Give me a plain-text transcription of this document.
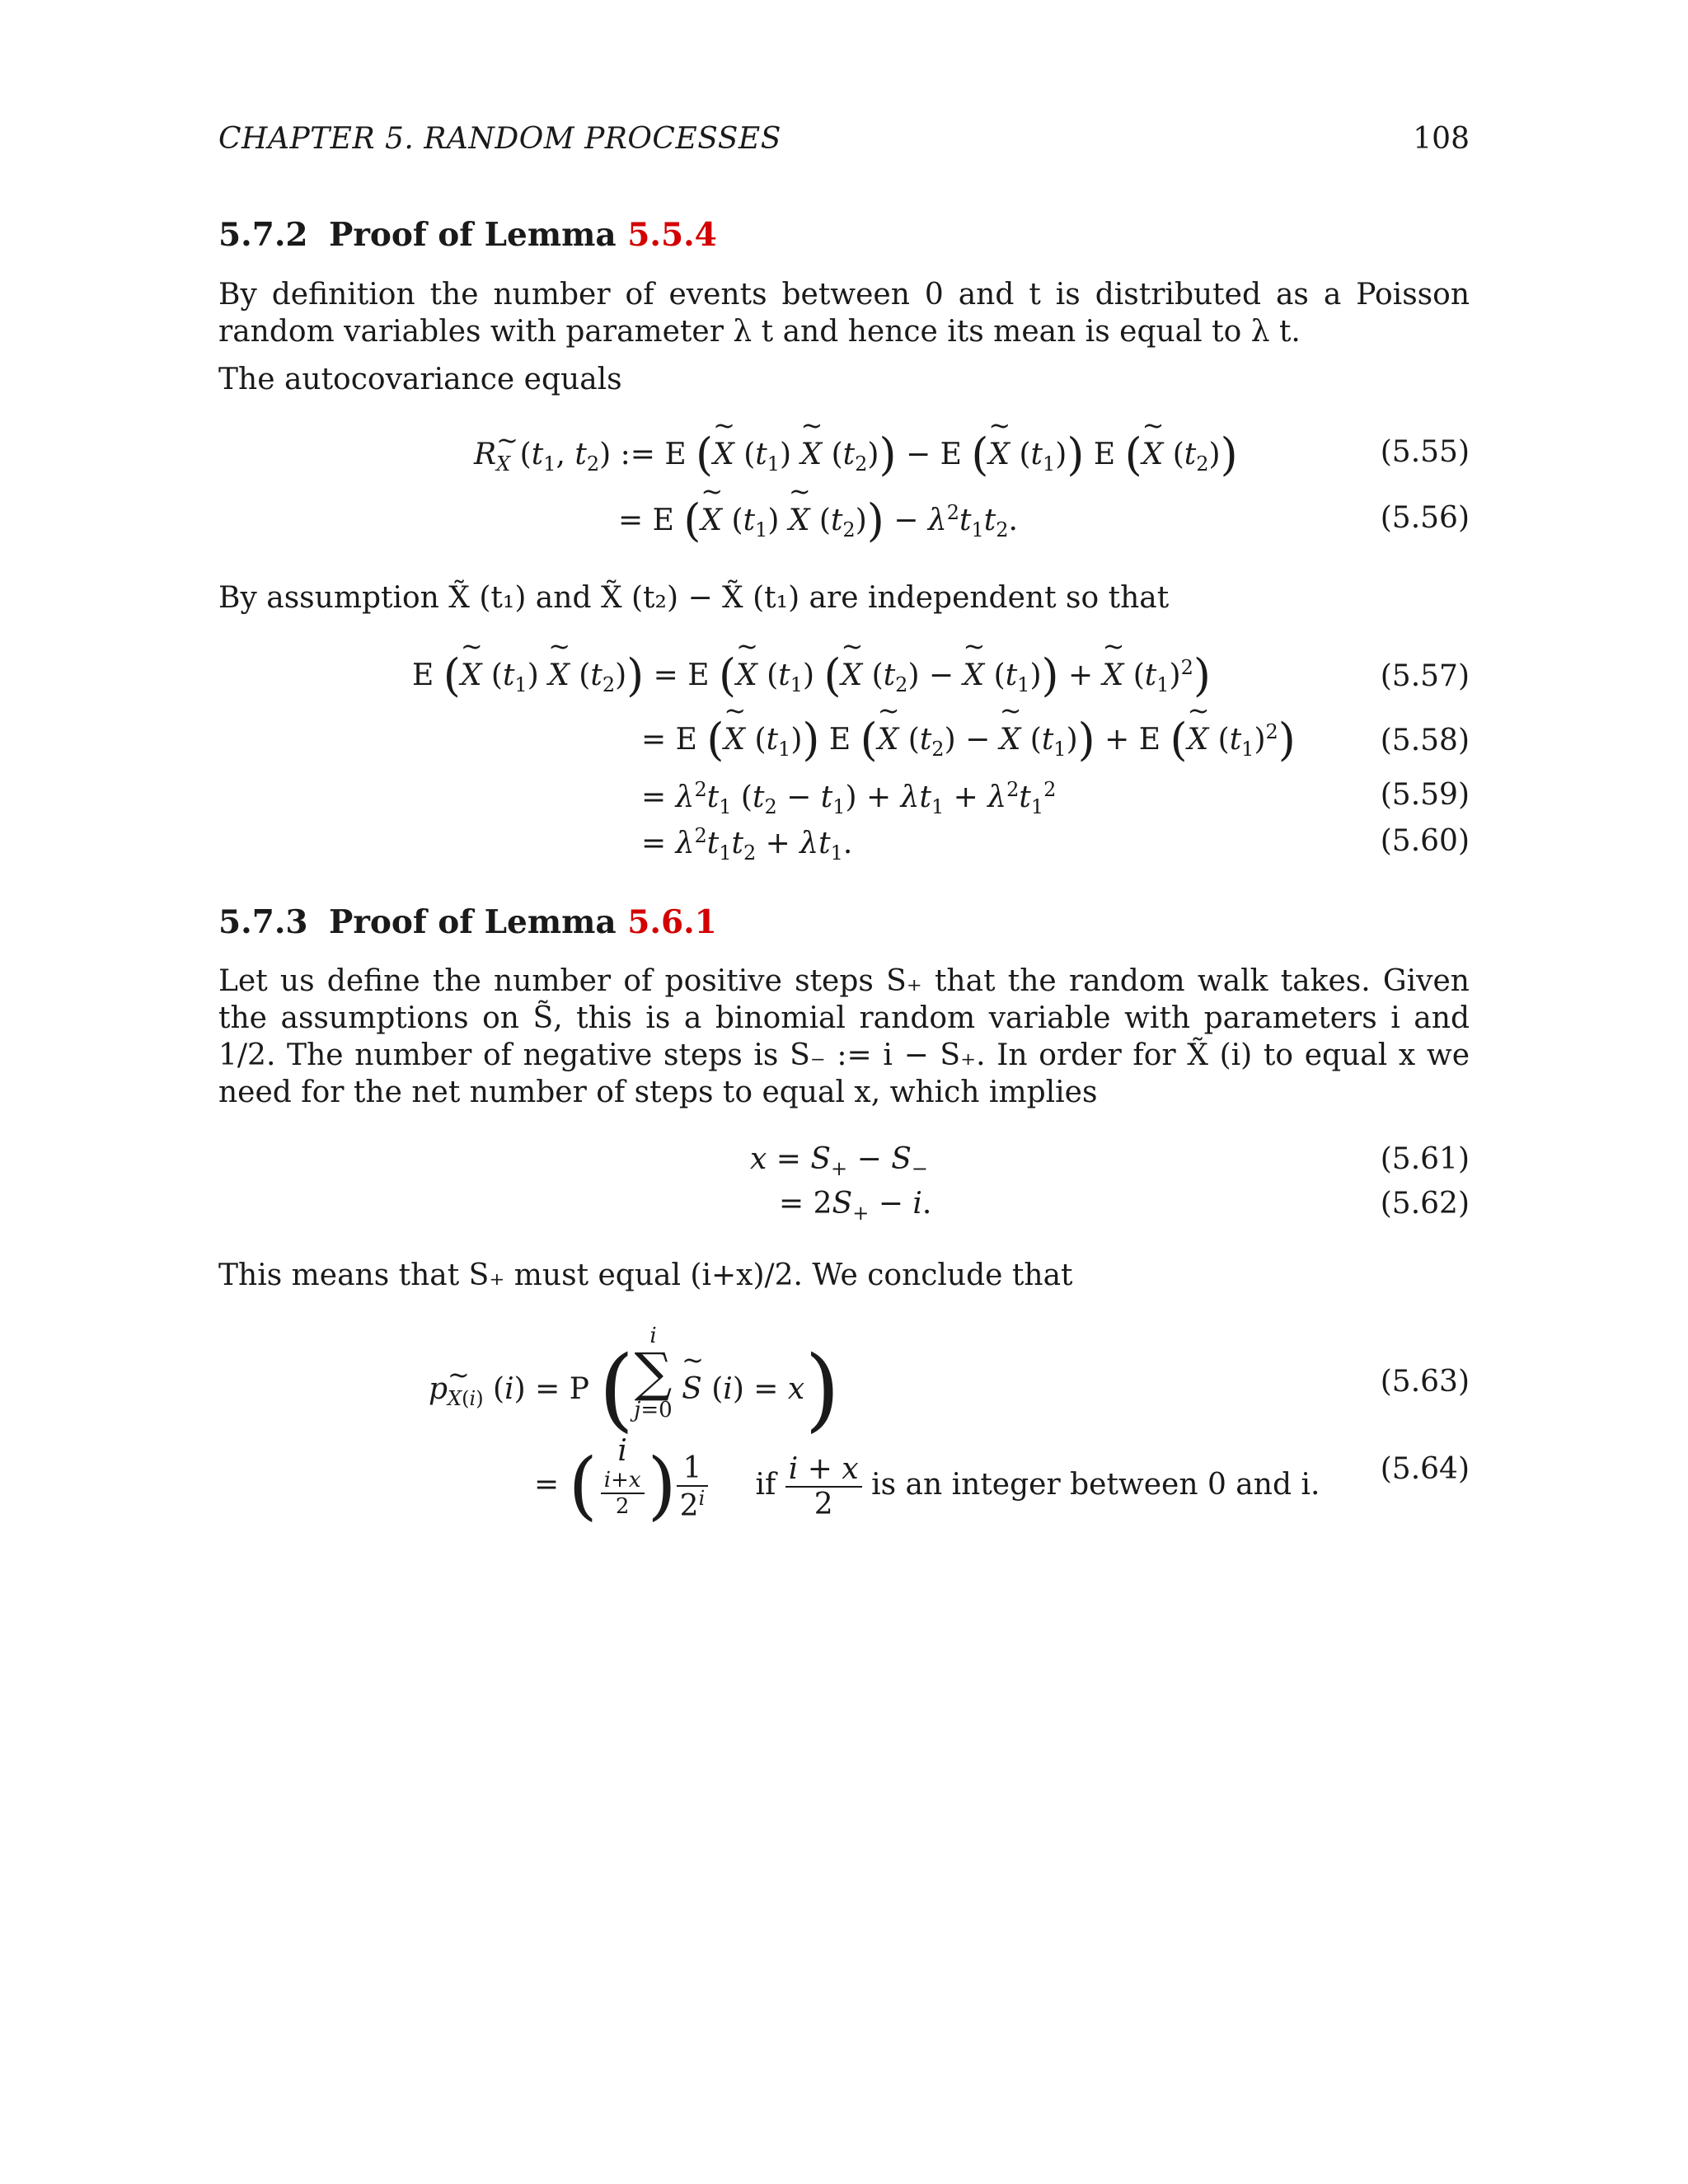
CHAPTER 5. RANDOM PROCESSES	108
5.7.2 Proof of Lemma 5.5.4

By definition the number of events between 0 and t is distributed as a Poisson random variables with parameter λ t and hence its mean is equal to λ t.

The autocovariance equals

R~ $_X$ ($t_1$, $t_2$) := E (~ X $(t_1)$ ~ X $(t_2)) - E$ (~ X $(t_1)$) E (~ X $(t_2)$)	(5.55)
= E (~ X $(t_1)$ ~ X $(t_2)) - \lambda^2t_1t_2$.	(5.56)

By assumption X̃ (t₁) and X̃ (t₂) − X̃ (t₁) are independent so that

E (~ X $(t_1)$ ~ X $(t_2)) = E$ (~ X $(t_1)$ (~ X $(t_2)$ − ~ X $(t_1)$) + ~ X $(t_1)^2$)	(5.57)
= E (~ X $(t_1)$) E (~ X $(t_2)$ − ~ X $(t_1)) + E$ (~ X $(t_1)^2$)	(5.58)
= $\lambda^2t_1$ $(t_2 - t_1) + \lambda t_1 + \lambda^2t_1^2$	(5.59)
= $\lambda^2t_1t_2 + \lambda t_1$.	(5.60)
5.7.3 Proof of Lemma 5.6.1

Let us define the number of positive steps S₊ that the random walk takes. Given the assumptions on S̃, this is a binomial random variable with parameters i and 1/2. The number of negative steps is S₋ := i − S₊. In order for X̃ (i) to equal x we need for the net number of steps to equal x, which implies

$x = S_+ - S_-$	(5.61)
= $2S_+ - i$.	(5.62)

This means that S₊ must equal (i+x)/2. We conclude that

p~ $_{X(i)}$ (i) = P ( i
∑
j=0
~ S (i) = x)	(5.63)
= ( i
$\frac{i+x}{2}$ ) $\frac{1}{2^i}$ if $\frac{i + x}{2}$ is an integer between 0 and i. (5.64)
